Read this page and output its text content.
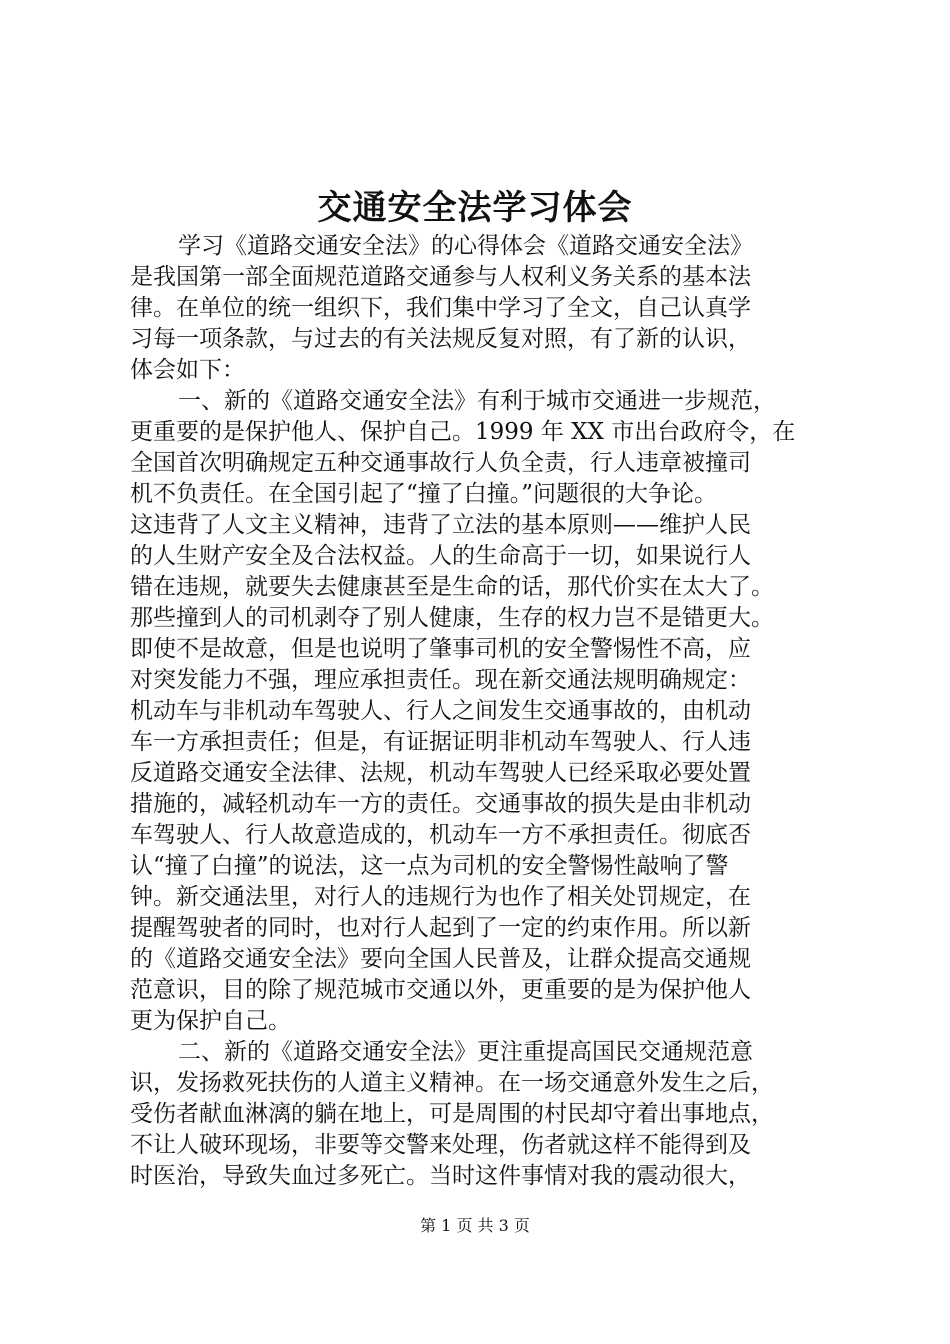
交通安全法学习体会
学习《道路交通安全法》的心得体会《道路交通安全法》
是我国第一部全面规范道路交通参与人权利义务关系的基本法
律。在单位的统一组织下，我们集中学习了全文，自己认真学
习每一项条款，与过去的有关法规反复对照，有了新的认识，
体会如下：
一、新的《道路交通安全法》有利于城市交通进一步规范，
更重要的是保护他人、保护自己。1999 年 XX 市出台政府令，在
全国首次明确规定五种交通事故行人负全责，行人违章被撞司
机不负责任。在全国引起了“撞了白撞。”问题很的大争论。
这违背了人文主义精神，违背了立法的基本原则——维护人民
的人生财产安全及合法权益。人的生命高于一切，如果说行人
错在违规，就要失去健康甚至是生命的话，那代价实在太大了。
那些撞到人的司机剥夺了别人健康，生存的权力岂不是错更大。
即使不是故意，但是也说明了肇事司机的安全警惕性不高，应
对突发能力不强，理应承担责任。现在新交通法规明确规定：
机动车与非机动车驾驶人、行人之间发生交通事故的，由机动
车一方承担责任；但是，有证据证明非机动车驾驶人、行人违
反道路交通安全法律、法规，机动车驾驶人已经采取必要处置
措施的，减轻机动车一方的责任。交通事故的损失是由非机动
车驾驶人、行人故意造成的，机动车一方不承担责任。彻底否
认“撞了白撞”的说法，这一点为司机的安全警惕性敲响了警
钟。新交通法里，对行人的违规行为也作了相关处罚规定，在
提醒驾驶者的同时，也对行人起到了一定的约束作用。所以新
的《道路交通安全法》要向全国人民普及，让群众提高交通规
范意识，目的除了规范城市交通以外，更重要的是为保护他人
更为保护自己。
二、新的《道路交通安全法》更注重提高国民交通规范意
识，发扬救死扶伤的人道主义精神。在一场交通意外发生之后，
受伤者献血淋漓的躺在地上，可是周围的村民却守着出事地点，
不让人破环现场，非要等交警来处理，伤者就这样不能得到及
时医治，导致失血过多死亡。当时这件事情对我的震动很大，
第 1 页 共 3 页
